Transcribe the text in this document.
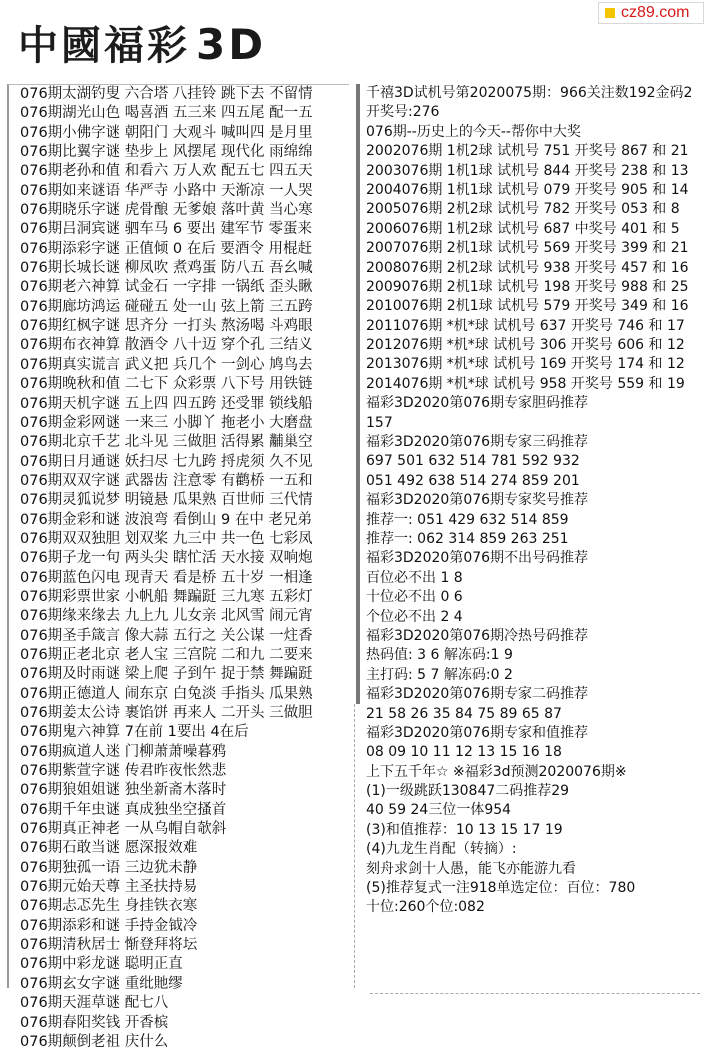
中國福彩 3D
cz89.com
076期太湖钓叟 六合塔 八挂铃 跳下去 不留情
076期湖光山色 喝喜酒 五三来 四五尾 配一五
076期小佛字谜 朝阳门 大观斗 喊叫四 是月里
076期比翼字谜 垫步上 风摆尾 现代化 雨绵绵
076期老孙和值 和看六 万人欢 配五七 四五天
076期如来谜语 华严寺 小路中 天渐凉 一人哭
076期晓乐字谜 虎骨酿 无爹娘 落叶黄 当心寒
076期吕洞宾谜 驷车马 6 要出 建军节 零蛋来
076期添彩字谜 正值倾 0 在后 要酒令 用棍赶
076期长城长谜 柳凤吹 煮鸡蛋 防八五 吾幺喊
076期老六神算 试金石 一字排 一锅纸 歪头瞅
076期廊坊鸿运 碰碰五 处一山 弦上箭 三五跨
076期红枫字谜 思齐分 一打头 熬汤喝 斗鸡眼
076期布衣神算 散酒令 八十迈 穿个孔 三结义
076期真实谎言 武义把 兵几个 一剑心 鸠鸟去
076期晚秋和值 二七下 众彩票 八下号 用铁链
076期天机字谜 五上四 四五跨 还受罪 锁线船
076期金彩网谜 一来三 小脚丫 拖老小 大磨盘
076期北京千艺 北斗见 三做胆 活得累 黼巢空
076期日月通谜 妖扫尽 七九跨 捋虎须 久不见
076期双双字谜 武器齿 注意零 有鹳桥 一五和
076期灵狐说梦 明镜悬 瓜果熟 百世师 三代情
076期金彩和谜 波浪弯 看倒山 9 在中 老兄弟
076期双双独胆 划双桨 九三中 共一色 七彩凤
076期子龙一句 两头尖 瞎忙活 天水接 双响炮
076期蓝色闪电 现青天 看是桥 五十岁 一相逢
076期彩票世家 小帆船 舞蹁跹 三九寒 五彩灯
076期缘来缘去 九上九 儿女亲 北风雪 闹元宵
076期圣手箴言 像大蒜 五行之 关公谋 一炷香
076期正老北京 老人宝 三宫院 二和九 二要来
076期及时雨谜 梁上爬 子到午 捉于禁 舞蹁跹
076期正德道人 闹东京 白兔淡 手指头 瓜果熟
076期姜太公诗 裹馅饼 再来人 二开头 三做胆
076期鬼六神算 7在前 1要出 4在后
076期疯道人迷 门柳萧萧噪暮鸦
076期紫萱字谜 传君昨夜怅然悲
076期狼姐姐谜 独坐新斋木落时
076期千年虫谜 真成独坐空搔首
076期真正神老 一从乌帽自欹斜
076期石敢当谜 愿深报效难
076期独孤一语 三边犹未静
076期元始天尊 主圣扶持易
076期忐忑先生 身挂铁衣寒
076期添彩和谜 手持金钺冷
076期清秋居士 惭登拜将坛
076期中彩龙谜 聪明正直
076期玄女字谜 重纰貤缪
076期天涯草谜 配七八
076期春阳奖钱 开香槟
076期颠倒老祖 庆什么
千禧3D试机号第2020075期：966关注数192金码2
开奖号:276
076期--历史上的今天--帮你中大奖
2002076期 1机2球 试机号 751 开奖号 867 和 21
2003076期 1机1球 试机号 844 开奖号 238 和 13
2004076期 1机1球 试机号 079 开奖号 905 和 14
2005076期 2机2球 试机号 782 开奖号 053 和 8
2006076期 1机2球 试机号 687 中奖号 401 和 5
2007076期 2机1球 试机号 569 开奖号 399 和 21
2008076期 2机2球 试机号 938 开奖号 457 和 16
2009076期 2机1球 试机号 198 开奖号 988 和 25
2010076期 2机1球 试机号 579 开奖号 349 和 16
2011076期 *机*球 试机号 637 开奖号 746 和 17
2012076期 *机*球 试机号 306 开奖号 606 和 12
2013076期 *机*球 试机号 169 开奖号 174 和 12
2014076期 *机*球 试机号 958 开奖号 559 和 19
福彩3D2020第076期专家胆码推荐
157
福彩3D2020第076期专家三码推荐
697 501 632 514 781 592 932
051 492 638 514 274 859 201
福彩3D2020第076期专家奖号推荐
推荐一: 051 429 632 514 859
推荐一: 062 314 859 263 251
福彩3D2020第076期不出号码推荐
百位必不出 1 8
十位必不出 0 6
个位必不出 2 4
福彩3D2020第076期冷热号码推荐
热码值: 3 6 解冻码:1 9
主打码: 5 7 解冻码:0 2
福彩3D2020第076期专家二码推荐
21 58 26 35 84 75 89 65 87
福彩3D2020第076期专家和值推荐
08 09 10 11 12 13 15 16 18
上下五千年☆ ※福彩3d预测2020076期※
(1)一级跳跃130847二码推荐29
40 59 24三位一体954
(3)和值推荐：10 13 15 17 19
(4)九龙生肖配（转摘）:
刻舟求剑十人愚，能飞亦能游九看
(5)推荐复式一注918单选定位：百位：780
十位:260个位:082
